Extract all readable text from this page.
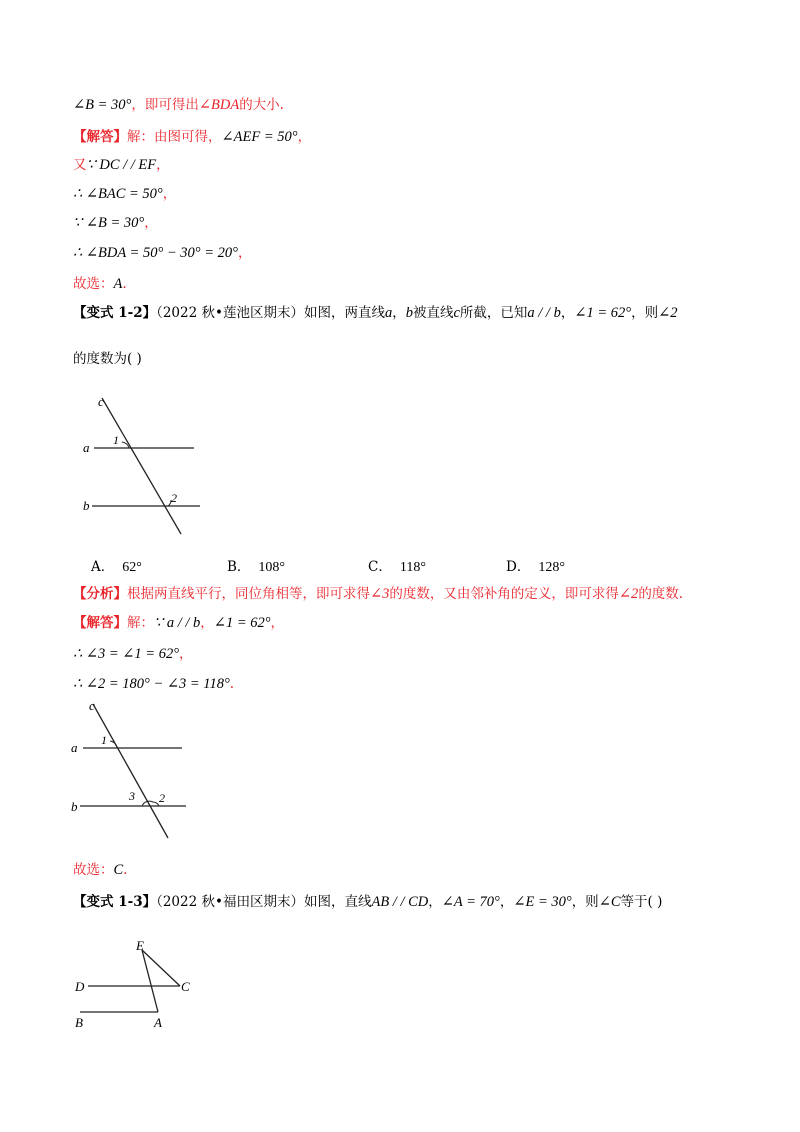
∠B = 30°，即可得出∠BDA的大小.
【解答】解：由图可得，∠AEF = 50°，
又∵ DC / / EF，
∴ ∠BAC = 50°，
∵ ∠B = 30°，
∴ ∠BDA = 50° − 30° = 20°，
故选：A.
【变式 1-2】（2022 秋•莲池区期末）如图，两直线a，b被直线c所截，已知a / / b，∠1 = 62°，则∠2
的度数为( )
c
a
b
1
2
A． 62°	B． 108°	C． 118°	D． 128°
【分析】根据两直线平行，同位角相等，即可求得∠3的度数，又由邻补角的定义，即可求得∠2的度数.
【解答】解：∵ a / / b，∠1 = 62°，
∴ ∠3 = ∠1 = 62°，
∴ ∠2 = 180° − ∠3 = 118°.
c
a
b
1
2
3
故选：C.
【变式 1-3】（2022 秋•福田区期末）如图，直线AB / / CD，∠A = 70°，∠E = 30°，则∠C等于( )
E
D	C
B	A
